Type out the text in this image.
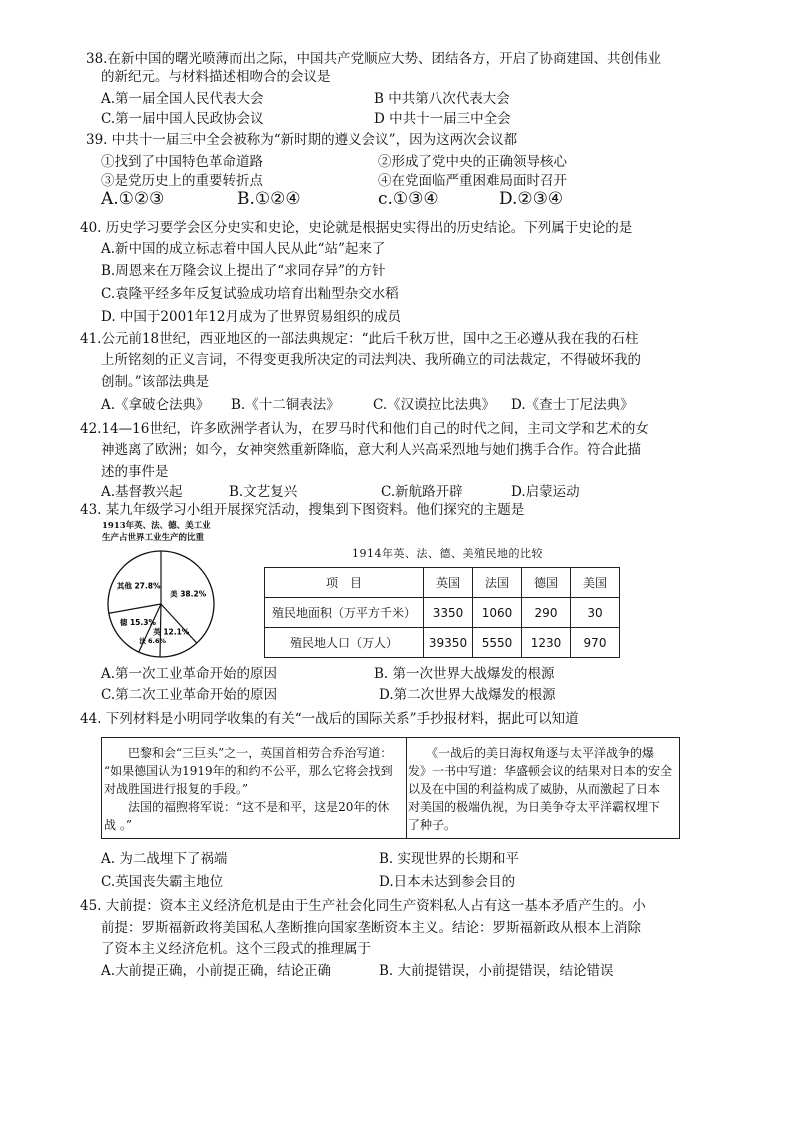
38.在新中国的曙光喷薄而出之际，中国共产党顺应大势、团结各方，开启了协商建国、共创伟业
的新纪元。与材料描述相吻合的会议是
A.第一届全国人民代表大会	B 中共第八次代表大会
C.第一届中国人民政协会议	D 中共十一届三中全会
39. 中共十一届三中全会被称为“新时期的遵义会议”，因为这两次会议都
①找到了中国特色革命道路	②形成了党中央的正确领导核心
③是党历史上的重要转折点	④在党面临严重困难局面时召开
A.①②③	B.①②④	c.①③④	D.②③④
40. 历史学习要学会区分史实和史论，史论就是根据史实得出的历史结论。下列属于史论的是
A.新中国的成立标志着中国人民从此“站”起来了
B.周恩来在万隆会议上提出了“求同存异”的方针
C.袁隆平经多年反复试验成功培育出籼型杂交水稻
D. 中国于2001年12月成为了世界贸易组织的成员
41.公元前18世纪，西亚地区的一部法典规定：“此后千秋万世，国中之王必遵从我在我的石柱
上所铭刻的正义言词，不得变更我所决定的司法判决、我所确立的司法裁定，不得破坏我的
创制。”该部法典是
A.《拿破仑法典》 B.《十二铜表法》 C.《汉谟拉比法典》 D.《查士丁尼法典》
42.14—16世纪，许多欧洲学者认为，在罗马时代和他们自己的时代之间，主司文学和艺术的女
神逃离了欧洲；如今，女神突然重新降临，意大利人兴高采烈地与她们携手合作。符合此描
述的事件是
A.基督教兴起	B.文艺复兴	C.新航路开辟	D.启蒙运动
43. 某九年级学习小组开展探究活动，搜集到下图资料。他们探究的主题是
1913年英、法、德、美工业
生产占世界工业生产的比重
美 38.2%
英 12.1%
法 6.6%
德 15.3%
其他 27.8%
1914年英、法、德、美殖民地的比较
项　目	英国	法国	德国	美国
殖民地面积（万平方千米）	3350	1060	290	30
殖民地人口（万人）	39350	5550	1230	970
A.第一次工业革命开始的原因	B. 第一次世界大战爆发的根源
C.第二次工业革命开始的原因	D.第二次世界大战爆发的根源
44. 下列材料是小明同学收集的有关“一战后的国际关系”手抄报材料，据此可以知道
　　巴黎和会“三巨头”之一，英国首相劳合乔治写道：
“如果德国认为1919年的和约不公平，那么它将会找到
对战胜国进行报复的手段。”
　　法国的福煦将军说：“这不是和平，这是20年的休
战 。”
　　《一战后的美日海权角逐与太平洋战争的爆
发》一书中写道：华盛顿会议的结果对日本的安全
以及在中国的利益构成了威胁，从而激起了日本
对美国的极端仇视，为日美争夺太平洋霸权埋下
了种子。
A. 为二战埋下了祸端	B. 实现世界的长期和平
C.英国丧失霸主地位	D.日本未达到参会目的
45. 大前提：资本主义经济危机是由于生产社会化同生产资料私人占有这一基本矛盾产生的。小
前提：罗斯福新政将美国私人垄断推向国家垄断资本主义。结论：罗斯福新政从根本上消除
了资本主义经济危机。这个三段式的推理属于
A.大前提正确，小前提正确，结论正确	B. 大前提错误，小前提错误，结论错误
